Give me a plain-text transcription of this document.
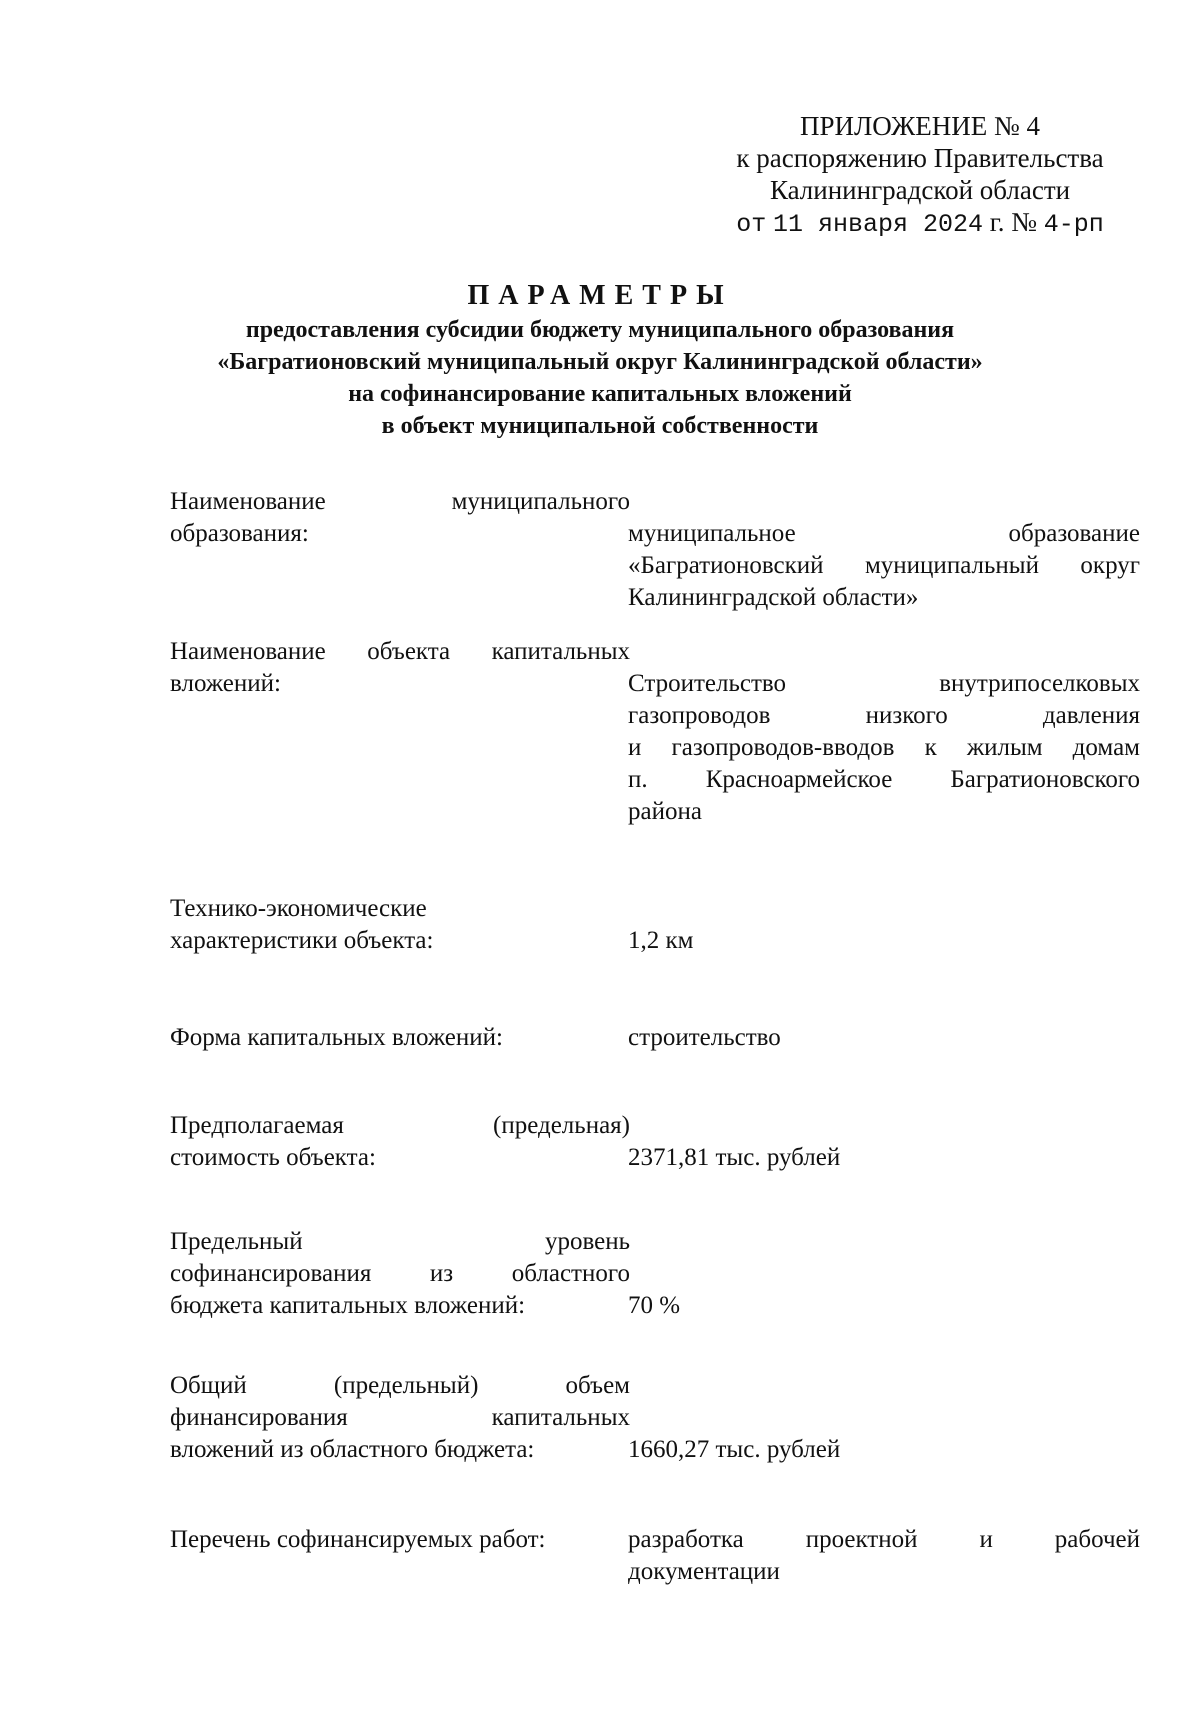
ПРИЛОЖЕНИЕ № 4
к распоряжению Правительства
Калининградской области
от 11 января 2024 г. № 4-рп
ПАРАМЕТРЫ
предоставления субсидии бюджету муниципального образования
«Багратионовский муниципальный округ Калининградской области»
на софинансирование капитальных вложений
в объект муниципальной собственности
Наименование муниципального
образования:	муниципальное образование
«Багратионовский муниципальный округ
Калининградской области»
Наименование объекта капитальных
вложений:	Строительство внутрипоселковых
газопроводов низкого давления
и газопроводов-вводов к жилым домам
п. Красноармейское Багратионовского
района
Технико-экономические
характеристики объекта:	1,2 км
Форма капитальных вложений:	строительство
Предполагаемая (предельная)
стоимость объекта:	2371,81 тыс. рублей
Предельный уровень
софинансирования из областного
бюджета капитальных вложений:	70 %
Общий (предельный) объем
финансирования капитальных
вложений из областного бюджета:	1660,27 тыс. рублей
Перечень софинансируемых работ:	разработка проектной и рабочей
документации
